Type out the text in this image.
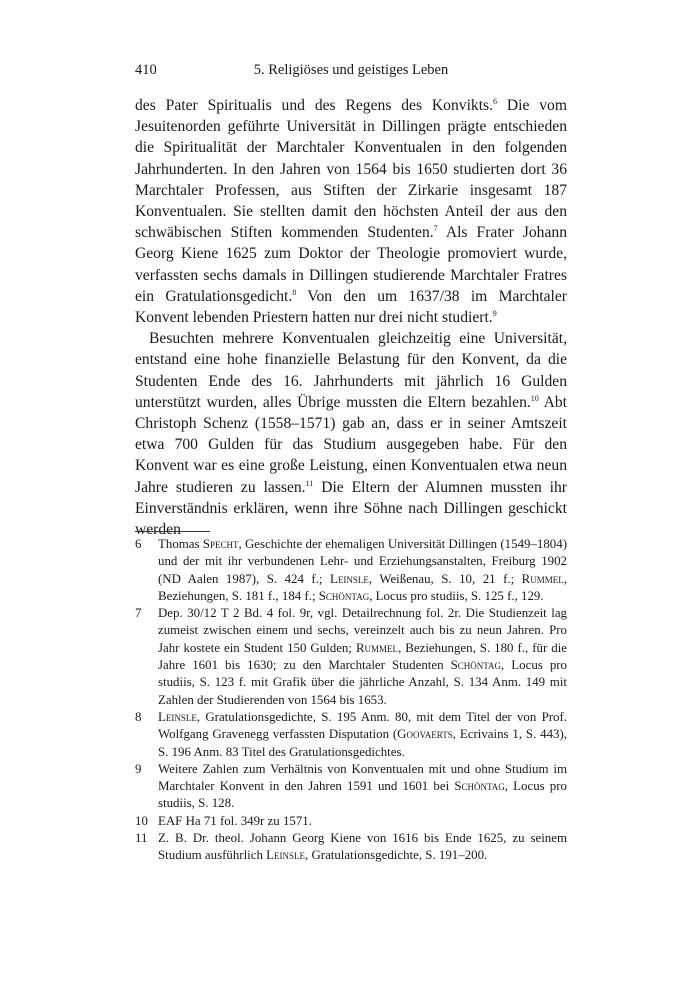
410	5. Religiöses und geistiges Leben

des Pater Spiritualis und des Regens des Konvikts.$^6$ Die vom Jesuitenorden geführte Universität in Dillingen prägte entschieden die Spiritualität der Marchtaler Konventualen in den folgenden Jahrhunderten. In den Jahren von 1564 bis 1650 studierten dort 36 Marchtaler Professen, aus Stiften der Zirkarie insgesamt 187 Konventualen. Sie stellten damit den höchsten Anteil der aus den schwäbischen Stiften kommenden Studenten.$^7$ Als Frater Johann Georg Kiene 1625 zum Doktor der Theologie promoviert wurde, verfassten sechs damals in Dillingen studierende Marchtaler Fratres ein Gratulationsgedicht.$^8$ Von den um 1637/38 im Marchtaler Konvent lebenden Priestern hatten nur drei nicht studiert.$^9$

Besuchten mehrere Konventualen gleichzeitig eine Universität, entstand eine hohe finanzielle Belastung für den Konvent, da die Studenten Ende des 16. Jahrhunderts mit jährlich 16 Gulden unterstützt wurden, alles Übrige mussten die Eltern bezahlen.$^{10}$ Abt Christoph Schenz (1558–1571) gab an, dass er in seiner Amtszeit etwa 700 Gulden für das Studium ausgegeben habe. Für den Konvent war es eine große Leistung, einen Konventualen etwa neun Jahre studieren zu lassen.$^{11}$ Die Eltern der Alumnen mussten ihr Einverständnis erklären, wenn ihre Söhne nach Dillingen geschickt werden

6	Thomas Specht, Geschichte der ehemaligen Universität Dillingen (1549–1804) und der mit ihr verbundenen Lehr- und Erziehungsanstalten, Freiburg 1902 (ND Aalen 1987), S. 424 f.; Leinsle, Weißenau, S. 10, 21 f.; Rummel, Beziehungen, S. 181 f., 184 f.; Schöntag, Locus pro studiis, S. 125 f., 129.
7	Dep. 30/12 T 2 Bd. 4 fol. 9r, vgl. Detailrechnung fol. 2r. Die Studienzeit lag zumeist zwischen einem und sechs, vereinzelt auch bis zu neun Jahren. Pro Jahr kostete ein Student 150 Gulden; Rummel, Beziehungen, S. 180 f., für die Jahre 1601 bis 1630; zu den Marchtaler Studenten Schöntag, Locus pro studiis, S. 123 f. mit Grafik über die jährliche Anzahl, S. 134 Anm. 149 mit Zahlen der Studierenden von 1564 bis 1653.
8	Leinsle, Gratulationsgedichte, S. 195 Anm. 80, mit dem Titel der von Prof. Wolfgang Gravenegg verfassten Disputation (Goovaerts, Ecrivains 1, S. 443), S. 196 Anm. 83 Titel des Gratulationsgedichtes.
9	Weitere Zahlen zum Verhältnis von Konventualen mit und ohne Studium im Marchtaler Konvent in den Jahren 1591 und 1601 bei Schöntag, Locus pro studiis, S. 128.
10 EAF Ha 71 fol. 349r zu 1571.
11 Z. B. Dr. theol. Johann Georg Kiene von 1616 bis Ende 1625, zu seinem Studium ausführlich Leinsle, Gratulationsgedichte, S. 191–200.
